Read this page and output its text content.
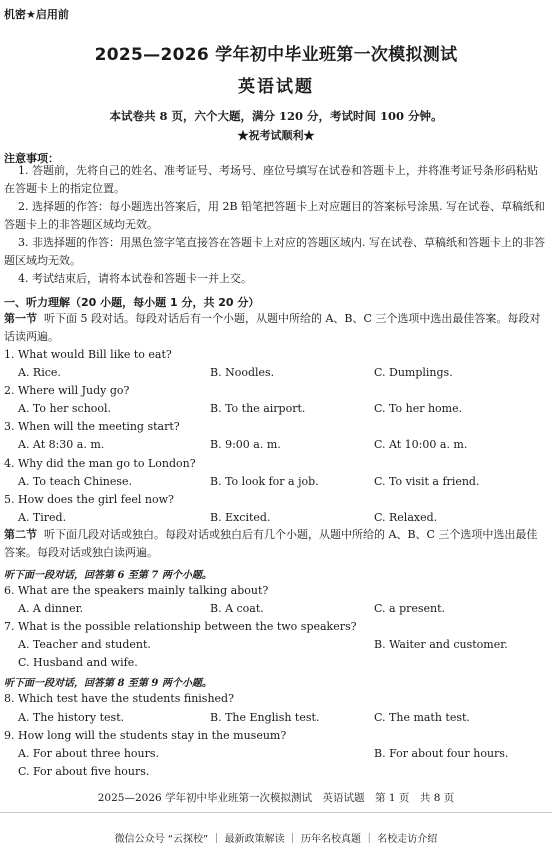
机密★启用前
2025—2026 学年初中毕业班第一次模拟测试
英语试题
本试卷共 8 页，六个大题，满分 120 分，考试时间 100 分钟。
★祝考试顺利★
注意事项：
1. 答题前，先将自己的姓名、准考证号、考场号、座位号填写在试卷和答题卡上，并将准考证号条形码粘贴在答题卡上的指定位置。
2. 选择题的作答：每小题选出答案后，用 2B 铅笔把答题卡上对应题目的答案标号涂黑. 写在试卷、草稿纸和答题卡上的非答题区域均无效。
3. 非选择题的作答：用黑色签字笔直接答在答题卡上对应的答题区域内. 写在试卷、草稿纸和答题卡上的非答题区域均无效。
4. 考试结束后，请将本试卷和答题卡一并上交。
一、听力理解（20 小题，每小题 1 分，共 20 分）
第一节 听下面 5 段对话。每段对话后有一个小题，从题中所给的 A、B、C 三个选项中选出最佳答案。每段对话读两遍。
1. What would Bill like to eat?
A. Rice.	B. Noodles.	C. Dumplings.
2. Where will Judy go?
A. To her school.	B. To the airport.	C. To her home.
3. When will the meeting start?
A. At 8:30 a. m.	B. 9:00 a. m.	C. At 10:00 a. m.
4. Why did the man go to London?
A. To teach Chinese.	B. To look for a job.	C. To visit a friend.
5. How does the girl feel now?
A. Tired.	B. Excited.	C. Relaxed.
第二节 听下面几段对话或独白。每段对话或独白后有几个小题，从题中所给的 A、B、C 三个选项中选出最佳答案。每段对话或独白读两遍。
听下面一段对话，回答第 6 至第 7 两个小题。
6. What are the speakers mainly talking about?
A. A dinner.	B. A coat.	C. a present.
7. What is the possible relationship between the two speakers?
A. Teacher and student.	B. Waiter and customer.
C. Husband and wife.
听下面一段对话，回答第 8 至第 9 两个小题。
8. Which test have the students finished?
A. The history test.	B. The English test.	C. The math test.
9. How long will the students stay in the museum?
A. For about three hours.	B. For about four hours.
C. For about five hours.
2025—2026 学年初中毕业班第一次模拟测试　英语试题　第 1 页　共 8 页
微信公众号 “云探校” ｜ 最新政策解读 ｜ 历年名校真题 ｜ 名校走访介绍
